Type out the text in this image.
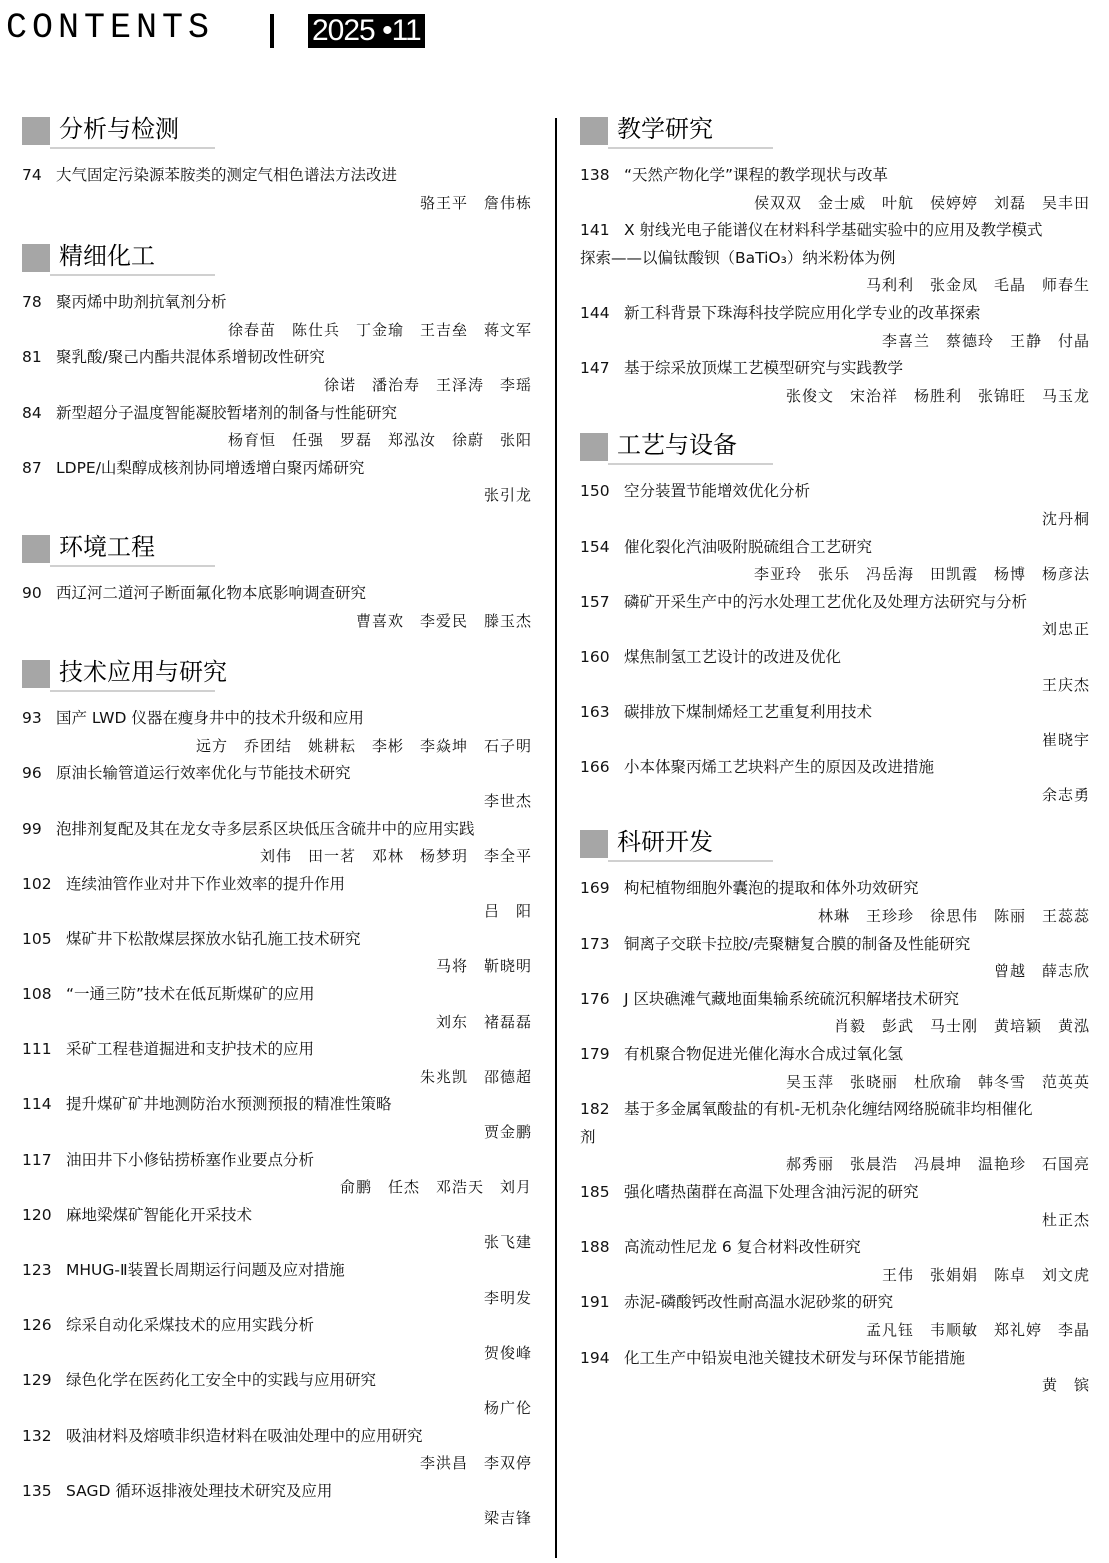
CONTENTS	2025 •11
分析与检测
74 大气固定污染源苯胺类的测定气相色谱法方法改进
骆王平　詹伟栋
精细化工
78 聚丙烯中助剂抗氧剂分析
徐春苗　陈仕兵　丁金瑜　王吉垒　蒋文军
81 聚乳酸/聚己内酯共混体系增韧改性研究
徐诺　潘治寿　王泽涛　李瑶
84 新型超分子温度智能凝胶暂堵剂的制备与性能研究
杨育恒　任强　罗磊　郑泓汝　徐蔚　张阳
87 LDPE/山梨醇成核剂协同增透增白聚丙烯研究
张引龙
环境工程
90 西辽河二道河子断面氟化物本底影响调查研究
曹喜欢　李爱民　滕玉杰
技术应用与研究
93 国产 LWD 仪器在瘦身井中的技术升级和应用
远方　乔团结　姚耕耘　李彬　李焱坤　石子明
96 原油长输管道运行效率优化与节能技术研究
李世杰
99 泡排剂复配及其在龙女寺多层系区块低压含硫井中的应用实践
刘伟　田一茗　邓林　杨梦玥　李全平
102 连续油管作业对井下作业效率的提升作用
吕　阳
105 煤矿井下松散煤层探放水钻孔施工技术研究
马将　靳晓明
108 “一通三防”技术在低瓦斯煤矿的应用
刘东　褚磊磊
111 采矿工程巷道掘进和支护技术的应用
朱兆凯　邵德超
114 提升煤矿矿井地测防治水预测预报的精准性策略
贾金鹏
117 油田井下小修钻捞桥塞作业要点分析
俞鹏　任杰　邓浩天　刘月
120 麻地梁煤矿智能化开采技术
张飞建
123 MHUG-Ⅱ装置长周期运行问题及应对措施
李明发
126 综采自动化采煤技术的应用实践分析
贺俊峰
129 绿色化学在医药化工安全中的实践与应用研究
杨广伦
132 吸油材料及熔喷非织造材料在吸油处理中的应用研究
李洪昌　李双停
135 SAGD 循环返排液处理技术研究及应用
梁吉锋
教学研究
138 “天然产物化学”课程的教学现状与改革
侯双双　金士威　叶航　侯婷婷　刘磊　吴丰田
141 X 射线光电子能谱仪在材料科学基础实验中的应用及教学模式
探索——以偏钛酸钡（BaTiO₃）纳米粉体为例
马利利　张金凤　毛晶　师春生
144 新工科背景下珠海科技学院应用化学专业的改革探索
李喜兰　蔡德玲　王静　付晶
147 基于综采放顶煤工艺模型研究与实践教学
张俊文　宋治祥　杨胜利　张锦旺　马玉龙
工艺与设备
150 空分装置节能增效优化分析
沈丹桐
154 催化裂化汽油吸附脱硫组合工艺研究
李亚玲　张乐　冯岳海　田凯霞　杨博　杨彦法
157 磷矿开采生产中的污水处理工艺优化及处理方法研究与分析
刘忠正
160 煤焦制氢工艺设计的改进及优化
王庆杰
163 碳排放下煤制烯烃工艺重复利用技术
崔晓宇
166 小本体聚丙烯工艺块料产生的原因及改进措施
余志勇
科研开发
169 枸杞植物细胞外囊泡的提取和体外功效研究
林琳　王珍珍　徐思伟　陈丽　王蕊蕊
173 铜离子交联卡拉胶/壳聚糖复合膜的制备及性能研究
曾越　薛志欣
176 J 区块礁滩气藏地面集输系统硫沉积解堵技术研究
肖毅　彭武　马士刚　黄培颖　黄泓
179 有机聚合物促进光催化海水合成过氧化氢
吴玉萍　张晓丽　杜欣瑜　韩冬雪　范英英
182 基于多金属氧酸盐的有机-无机杂化缠结网络脱硫非均相催化
剂
郝秀丽　张晨浩　冯晨坤　温艳珍　石国亮
185 强化嗜热菌群在高温下处理含油污泥的研究
杜正杰
188 高流动性尼龙 6 复合材料改性研究
王伟　张娟娟　陈卓　刘文虎
191 赤泥-磷酸钙改性耐高温水泥砂浆的研究
孟凡钰　韦顺敏　郑礼婷　李晶
194 化工生产中铅炭电池关键技术研发与环保节能措施
黄　镔
